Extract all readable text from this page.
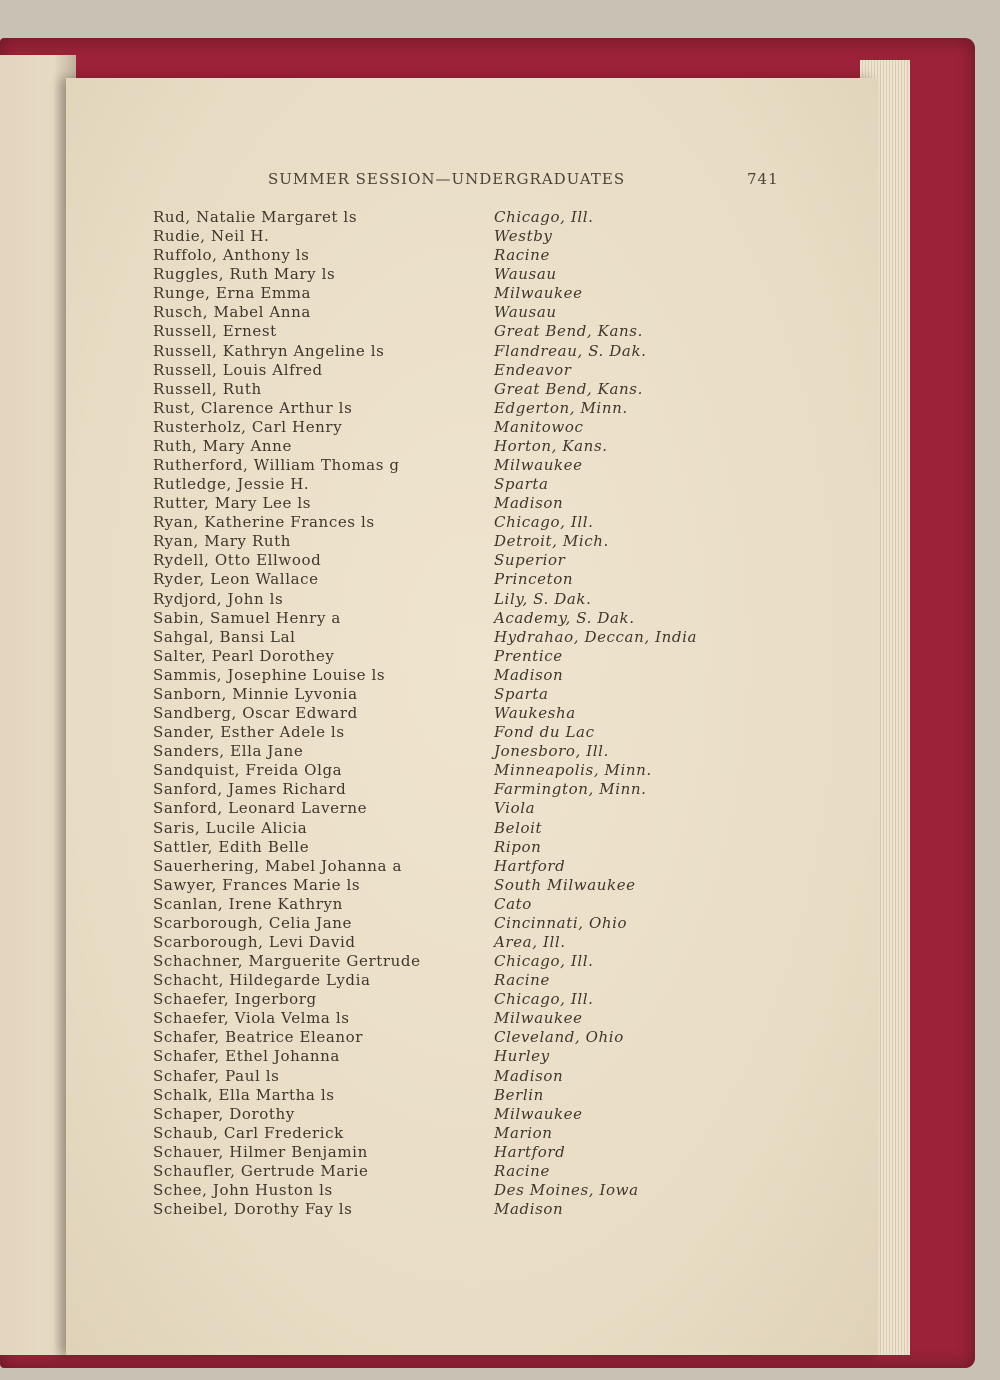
SUMMER SESSION—UNDERGRADUATES	741
Rud, Natalie Margaret ls	Chicago, Ill.
Rudie, Neil H.	Westby
Ruffolo, Anthony ls	Racine
Ruggles, Ruth Mary ls	Wausau
Runge, Erna Emma	Milwaukee
Rusch, Mabel Anna	Wausau
Russell, Ernest	Great Bend, Kans.
Russell, Kathryn Angeline ls	Flandreau, S. Dak.
Russell, Louis Alfred	Endeavor
Russell, Ruth	Great Bend, Kans.
Rust, Clarence Arthur ls	Edgerton, Minn.
Rusterholz, Carl Henry	Manitowoc
Ruth, Mary Anne	Horton, Kans.
Rutherford, William Thomas g	Milwaukee
Rutledge, Jessie H.	Sparta
Rutter, Mary Lee ls	Madison
Ryan, Katherine Frances ls	Chicago, Ill.
Ryan, Mary Ruth	Detroit, Mich.
Rydell, Otto Ellwood	Superior
Ryder, Leon Wallace	Princeton
Rydjord, John ls	Lily, S. Dak.
Sabin, Samuel Henry a	Academy, S. Dak.
Sahgal, Bansi Lal	Hydrahao, Deccan, India
Salter, Pearl Dorothey	Prentice
Sammis, Josephine Louise ls	Madison
Sanborn, Minnie Lyvonia	Sparta
Sandberg, Oscar Edward	Waukesha
Sander, Esther Adele ls	Fond du Lac
Sanders, Ella Jane	Jonesboro, Ill.
Sandquist, Freida Olga	Minneapolis, Minn.
Sanford, James Richard	Farmington, Minn.
Sanford, Leonard Laverne	Viola
Saris, Lucile Alicia	Beloit
Sattler, Edith Belle	Ripon
Sauerhering, Mabel Johanna a	Hartford
Sawyer, Frances Marie ls	South Milwaukee
Scanlan, Irene Kathryn	Cato
Scarborough, Celia Jane	Cincinnati, Ohio
Scarborough, Levi David	Area, Ill.
Schachner, Marguerite Gertrude	Chicago, Ill.
Schacht, Hildegarde Lydia	Racine
Schaefer, Ingerborg	Chicago, Ill.
Schaefer, Viola Velma ls	Milwaukee
Schafer, Beatrice Eleanor	Cleveland, Ohio
Schafer, Ethel Johanna	Hurley
Schafer, Paul ls	Madison
Schalk, Ella Martha ls	Berlin
Schaper, Dorothy	Milwaukee
Schaub, Carl Frederick	Marion
Schauer, Hilmer Benjamin	Hartford
Schaufler, Gertrude Marie	Racine
Schee, John Huston ls	Des Moines, Iowa
Scheibel, Dorothy Fay ls	Madison
